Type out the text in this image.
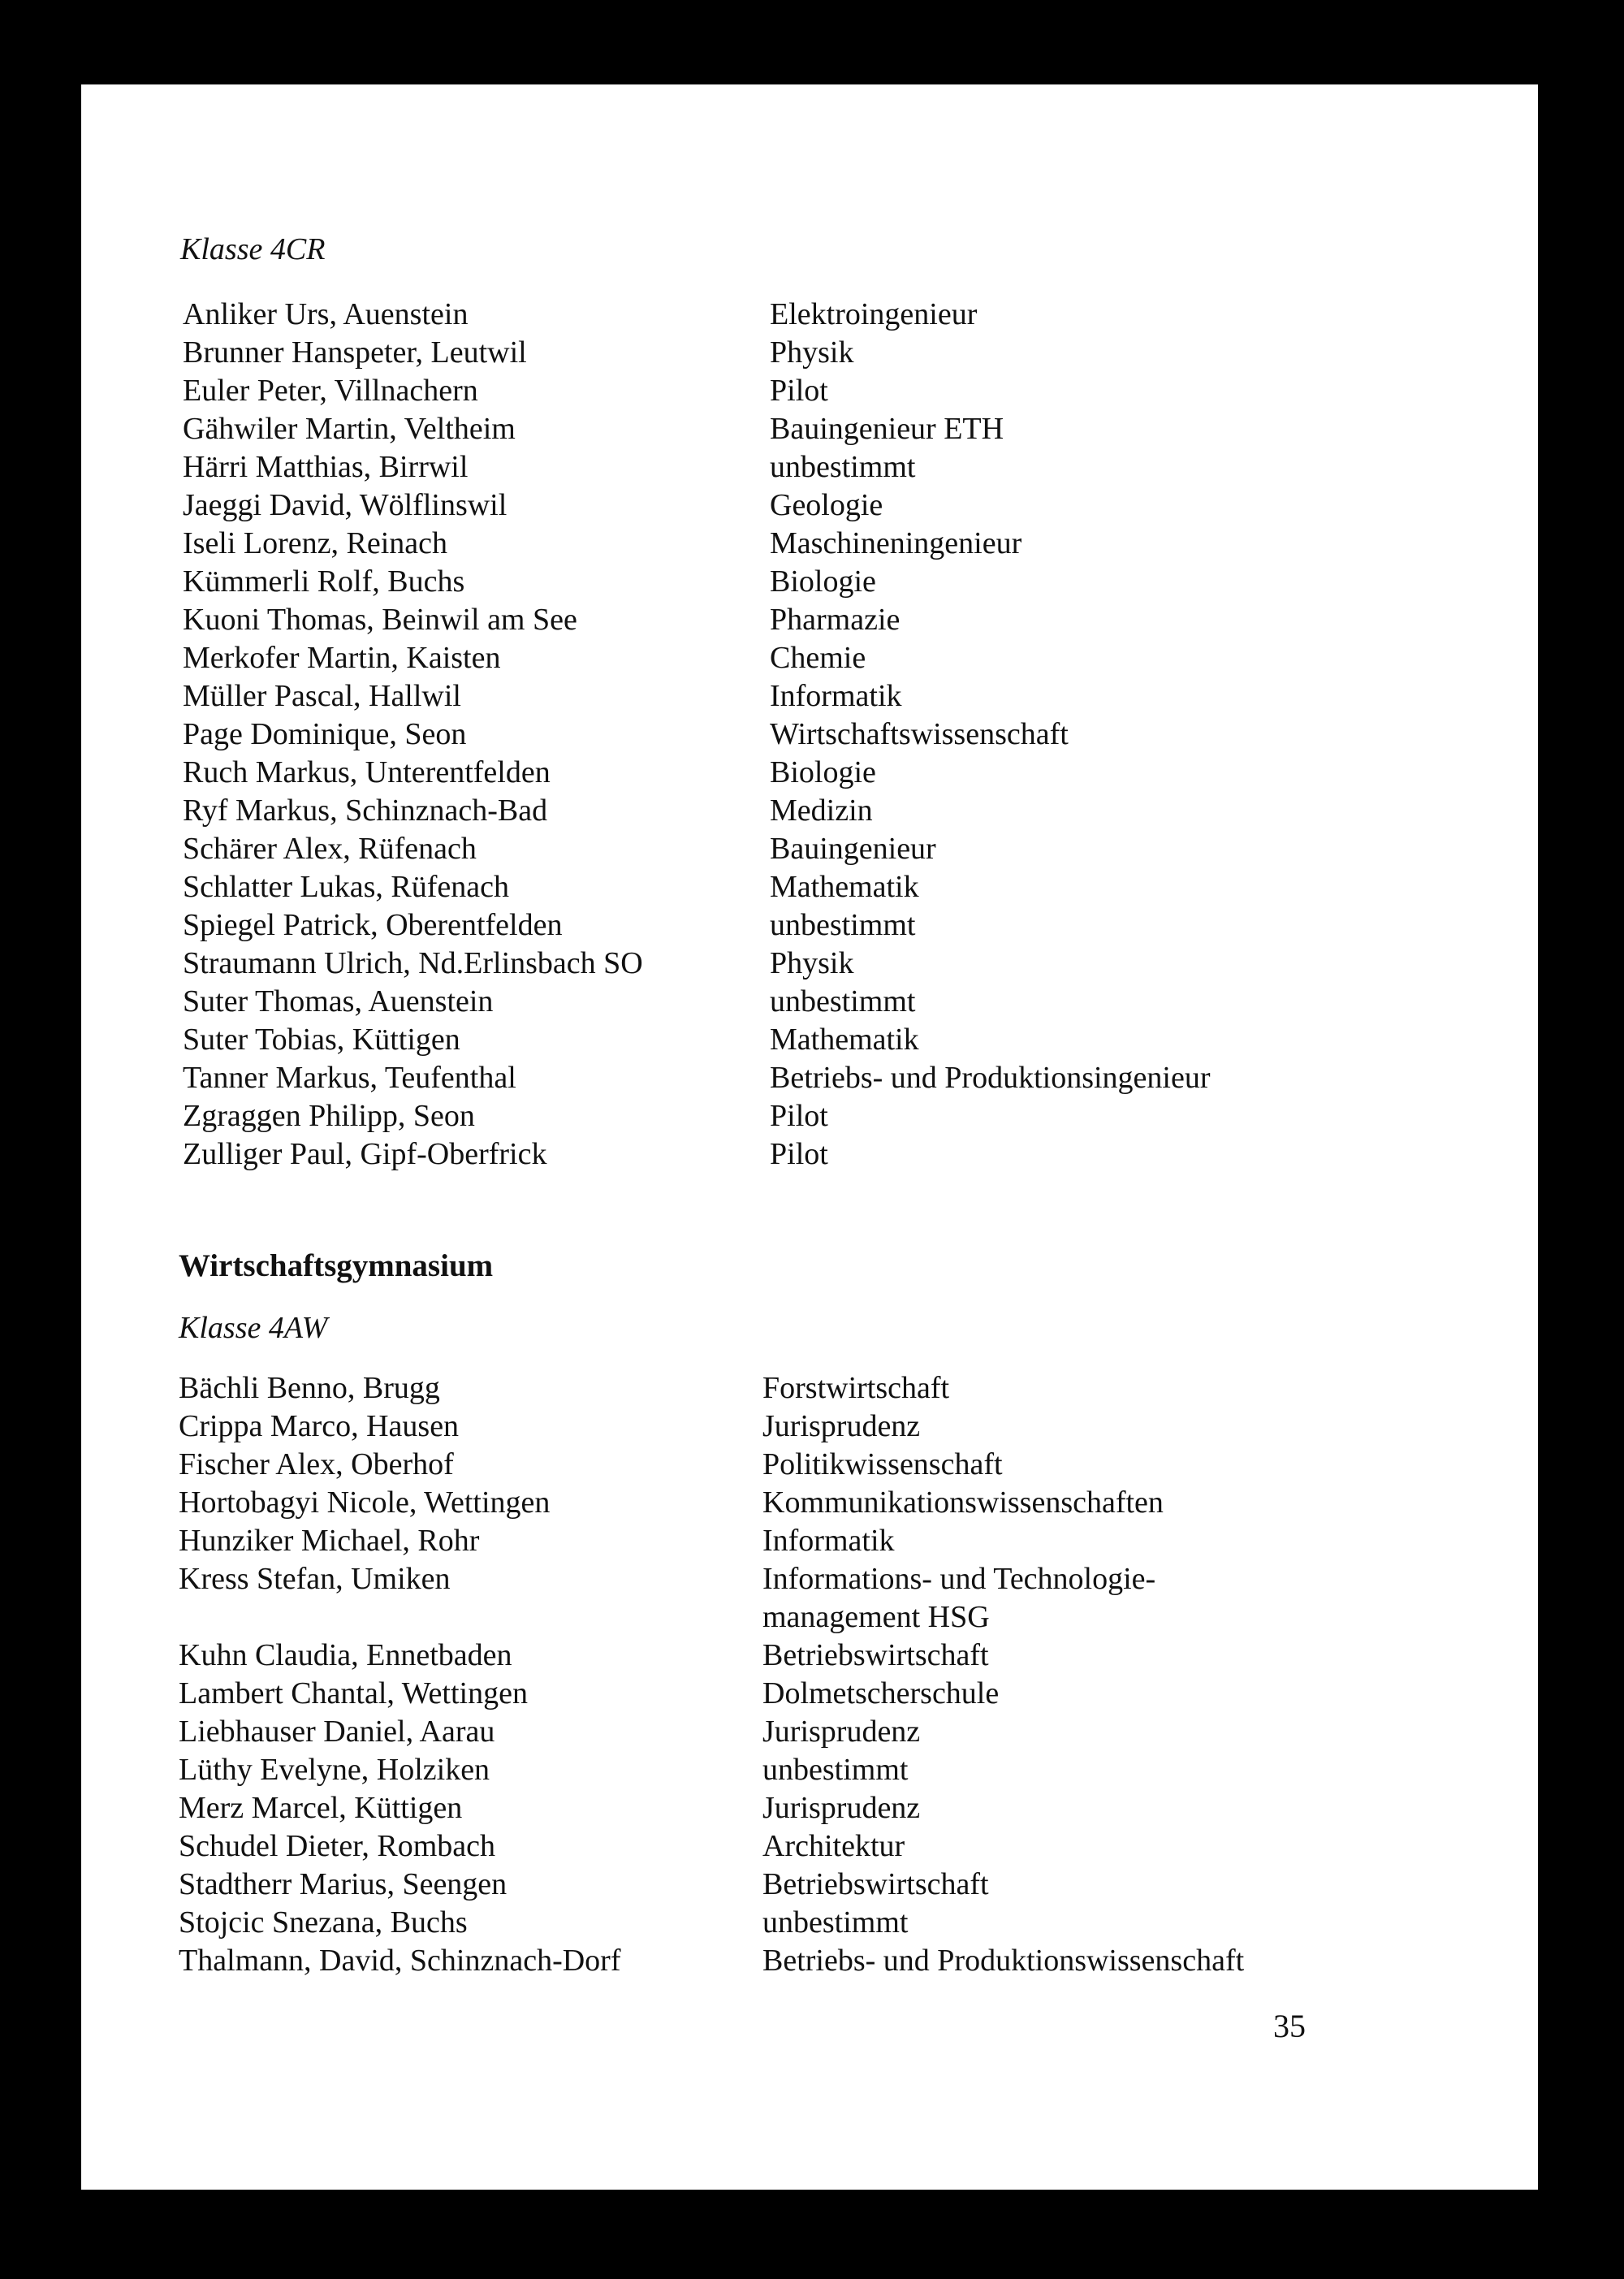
Klasse 4CR
Anliker Urs, Auenstein	Elektroingenieur
Brunner Hanspeter, Leutwil	Physik
Euler Peter, Villnachern	Pilot
Gähwiler Martin, Veltheim	Bauingenieur ETH
Härri Matthias, Birrwil	unbestimmt
Jaeggi David, Wölflinswil	Geologie
Iseli Lorenz, Reinach	Maschineningenieur
Kümmerli Rolf, Buchs	Biologie
Kuoni Thomas, Beinwil am See	Pharmazie
Merkofer Martin, Kaisten	Chemie
Müller Pascal, Hallwil	Informatik
Page Dominique, Seon	Wirtschaftswissenschaft
Ruch Markus, Unterentfelden	Biologie
Ryf Markus, Schinznach-Bad	Medizin
Schärer Alex, Rüfenach	Bauingenieur
Schlatter Lukas, Rüfenach	Mathematik
Spiegel Patrick, Oberentfelden	unbestimmt
Straumann Ulrich, Nd.Erlinsbach SO	Physik
Suter Thomas, Auenstein	unbestimmt
Suter Tobias, Küttigen	Mathematik
Tanner Markus, Teufenthal	Betriebs- und Produktionsingenieur
Zgraggen Philipp, Seon	Pilot
Zulliger Paul, Gipf-Oberfrick	Pilot
Wirtschaftsgymnasium
Klasse 4AW
Bächli Benno, Brugg	Forstwirtschaft
Crippa Marco, Hausen	Jurisprudenz
Fischer Alex, Oberhof	Politikwissenschaft
Hortobagyi Nicole, Wettingen	Kommunikationswissenschaften
Hunziker Michael, Rohr	Informatik
Kress Stefan, Umiken	Informations- und Technologie-
management HSG
Kuhn Claudia, Ennetbaden	Betriebswirtschaft
Lambert Chantal, Wettingen	Dolmetscherschule
Liebhauser Daniel, Aarau	Jurisprudenz
Lüthy Evelyne, Holziken	unbestimmt
Merz Marcel, Küttigen	Jurisprudenz
Schudel Dieter, Rombach	Architektur
Stadtherr Marius, Seengen	Betriebswirtschaft
Stojcic Snezana, Buchs	unbestimmt
Thalmann, David, Schinznach-Dorf	Betriebs- und Produktionswissenschaft
35
